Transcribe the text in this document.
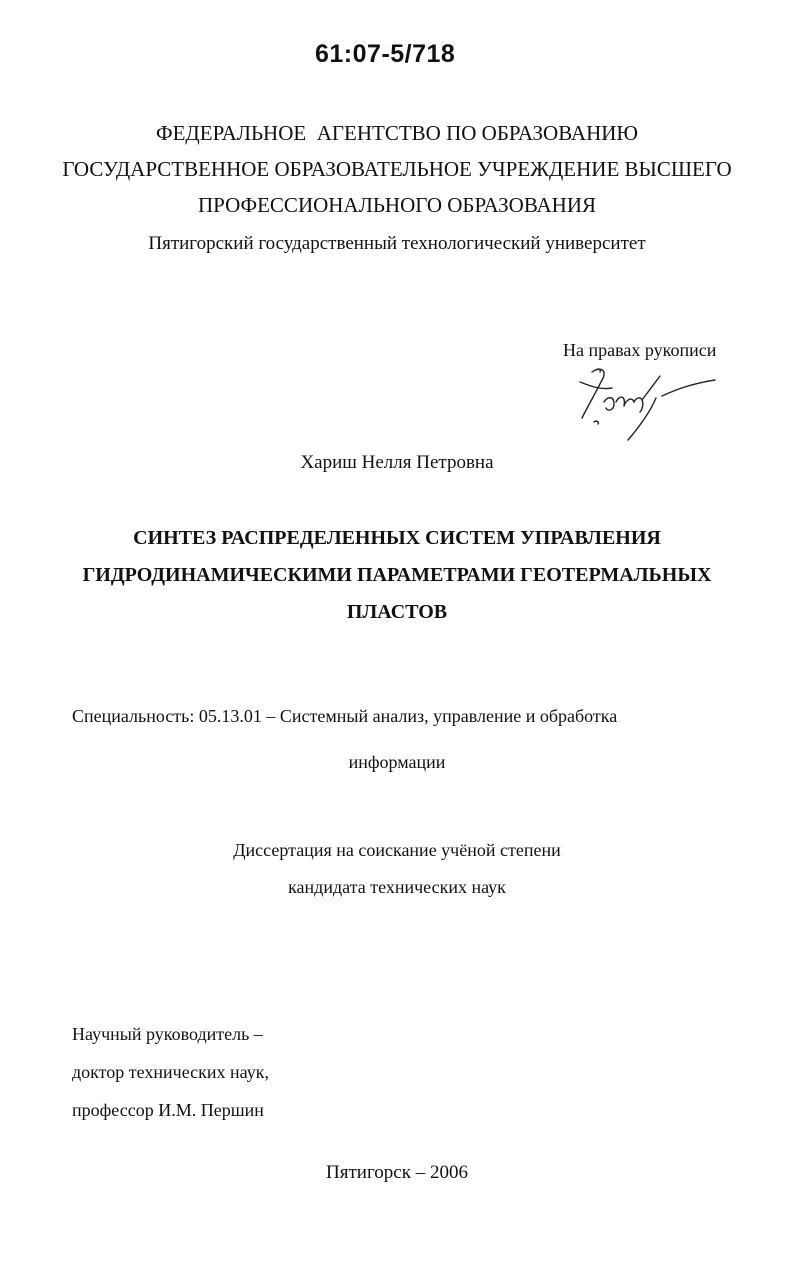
61:07-5/718
ФЕДЕРАЛЬНОЕ  АГЕНТСТВО ПО ОБРАЗОВАНИЮ
ГОСУДАРСТВЕННОЕ ОБРАЗОВАТЕЛЬНОЕ УЧРЕЖДЕНИЕ ВЫСШЕГО
ПРОФЕССИОНАЛЬНОГО ОБРАЗОВАНИЯ
Пятигорский государственный технологический университет
На правах рукописи
Хариш Нелля Петровна
СИНТЕЗ РАСПРЕДЕЛЕННЫХ СИСТЕМ УПРАВЛЕНИЯ
ГИДРОДИНАМИЧЕСКИМИ ПАРАМЕТРАМИ ГЕОТЕРМАЛЬНЫХ
ПЛАСТОВ
Специальность: 05.13.01 – Системный анализ, управление и обработка
информации
Диссертация на соискание учёной степени
кандидата технических наук
Научный руководитель –
доктор технических наук,
профессор И.М. Першин
Пятигорск – 2006
